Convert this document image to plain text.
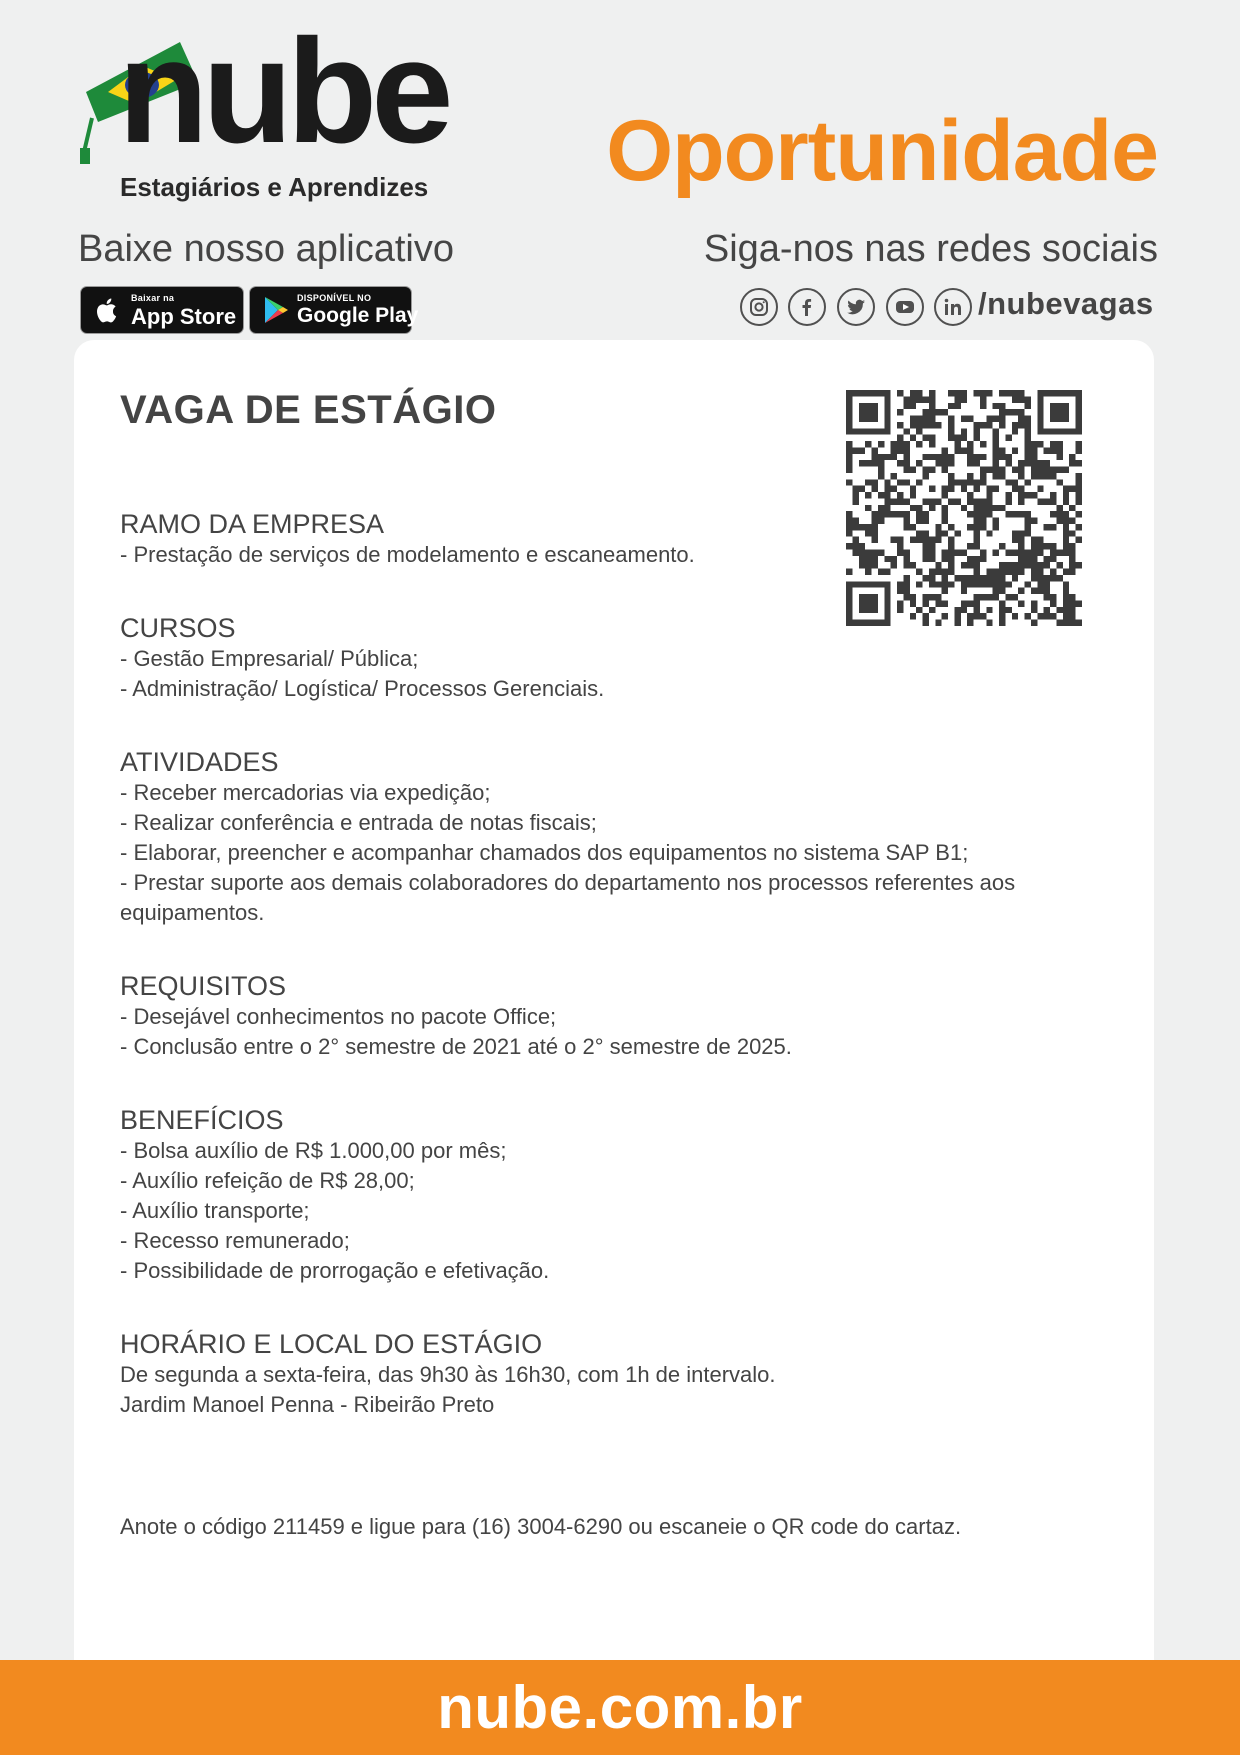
nube
Estagiários e Aprendizes Oportunidade
Baixe nosso aplicativo	Siga-nos nas redes sociais
Baixar na
App Store
DISPONÍVEL NO
Google Play	/nubevagas
VAGA DE ESTÁGIO

RAMO DA EMPRESA

- Prestação de serviços de modelamento e escaneamento.

CURSOS

- Gestão Empresarial/ Pública;

- Administração/ Logística/ Processos Gerenciais.

ATIVIDADES

- Receber mercadorias via expedição;

- Realizar conferência e entrada de notas fiscais;

- Elaborar, preencher e acompanhar chamados dos equipamentos no sistema SAP B1;

- Prestar suporte aos demais colaboradores do departamento nos processos referentes aos

equipamentos.

REQUISITOS

- Desejável conhecimentos no pacote Office;

- Conclusão entre o 2° semestre de 2021 até o 2° semestre de 2025.

BENEFÍCIOS

- Bolsa auxílio de R$ 1.000,00 por mês;

- Auxílio refeição de R$ 28,00;

- Auxílio transporte;

- Recesso remunerado;

- Possibilidade de prorrogação e efetivação.

HORÁRIO E LOCAL DO ESTÁGIO

De segunda a sexta-feira, das 9h30 às 16h30, com 1h de intervalo.

Jardim Manoel Penna - Ribeirão Preto

Anote o código 211459 e ligue para (16) 3004-6290 ou escaneie o QR code do cartaz.
nube.com.br
